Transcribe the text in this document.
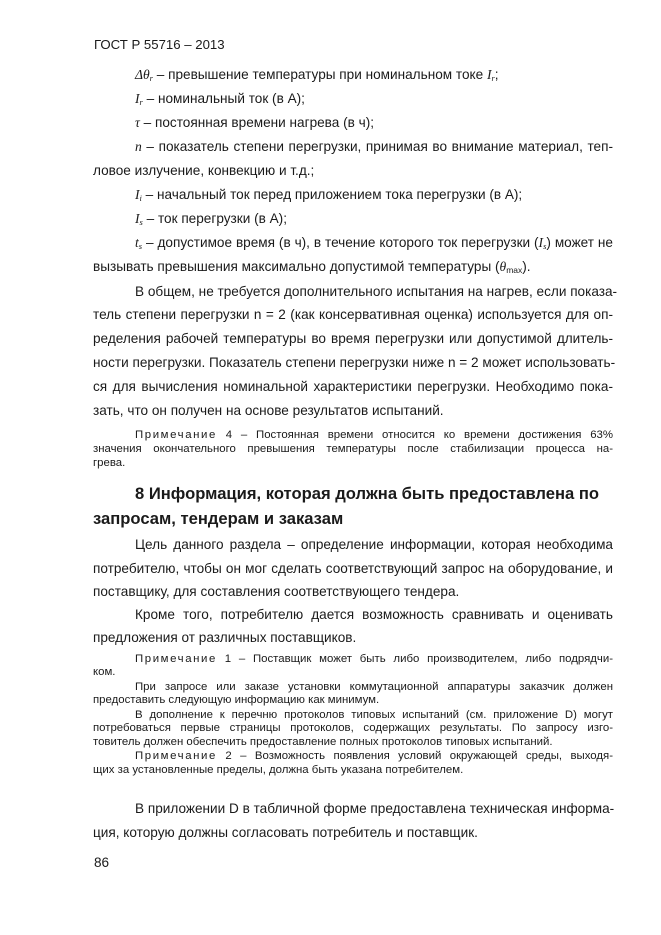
ГОСТ Р 55716 – 2013
$\Delta\theta_r$ – превышение температуры при номинальном токе $I_r$;
$I_r$ – номинальный ток (в А);
τ – постоянная времени нагрева (в ч);
n – показатель степени перегрузки, принимая во внимание материал, теп-
ловое излучение, конвекцию и т.д.;
$I_i$ – начальный ток перед приложением тока перегрузки (в А);
$I_s$ – ток перегрузки (в А);
$t_s$ – допустимое время (в ч), в течение которого ток перегрузки $(I_s)$ может не
вызывать превышения максимально допустимой температуры $(\theta_{max})$.
В общем, не требуется дополнительного испытания на нагрев, если показа-
тель степени перегрузки n = 2 (как консервативная оценка) используется для оп-
ределения рабочей температуры во время перегрузки или допустимой длитель-
ности перегрузки. Показатель степени перегрузки ниже n = 2 может использовать-
ся для вычисления номинальной характеристики перегрузки. Необходимо пока-
зать, что он получен на основе результатов испытаний.
Примечание 4 – Постоянная времени относится ко времени достижения 63%
значения окончательного превышения температуры после стабилизации процесса на-
грева.
8 Информация, которая должна быть предоставлена по
запросам, тендерам и заказам
Цель данного раздела – определение информации, которая необходима
потребителю, чтобы он мог сделать соответствующий запрос на оборудование, и
поставщику, для составления соответствующего тендера.
Кроме того, потребителю дается возможность сравнивать и оценивать
предложения от различных поставщиков.
Примечание 1 – Поставщик может быть либо производителем, либо подрядчи-
ком.
При запросе или заказе установки коммутационной аппаратуры заказчик должен
предоставить следующую информацию как минимум.
В дополнение к перечню протоколов типовых испытаний (см. приложение D) могут
потребоваться первые страницы протоколов, содержащих результаты. По запросу изго-
товитель должен обеспечить предоставление полных протоколов типовых испытаний.
Примечание 2 – Возможность появления условий окружающей среды, выходя-
щих за установленные пределы, должна быть указана потребителем.
В приложении D в табличной форме предоставлена техническая информа-
ция, которую должны согласовать потребитель и поставщик.
86
